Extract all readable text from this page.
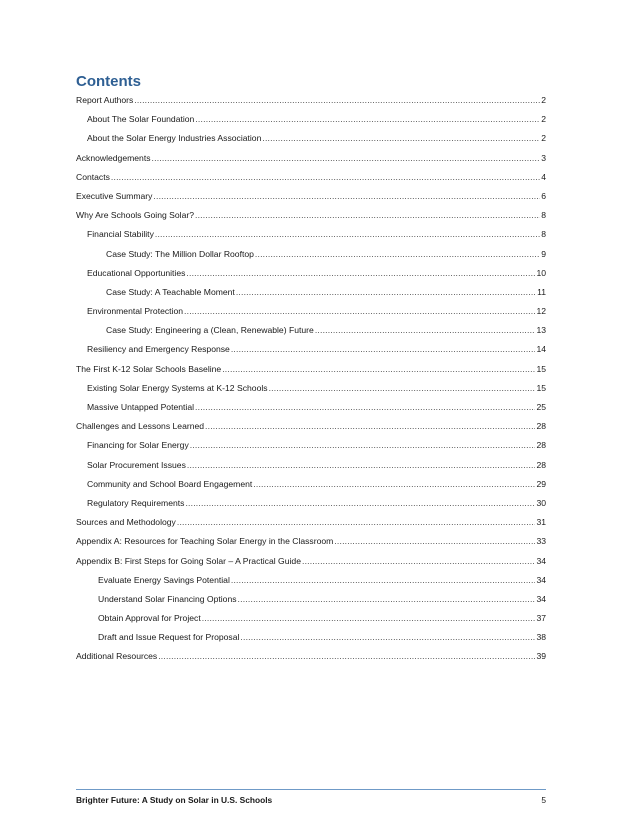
Contents
Report Authors .....	2
About The Solar Foundation .....	2
About the Solar Energy Industries Association .....	2
Acknowledgements .....	3
Contacts .....	4
Executive Summary .....	6
Why Are Schools Going Solar? .....	8
Financial Stability .....	8
Case Study: The Million Dollar Rooftop .....	9
Educational Opportunities .....	10
Case Study: A Teachable Moment .....	11
Environmental Protection .....	12
Case Study: Engineering a (Clean, Renewable) Future .....	13
Resiliency and Emergency Response .....	14
The First K-12 Solar Schools Baseline .....	15
Existing Solar Energy Systems at K-12 Schools .....	15
Massive Untapped Potential .....	25
Challenges and Lessons Learned .....	28
Financing for Solar Energy .....	28
Solar Procurement Issues .....	28
Community and School Board Engagement .....	29
Regulatory Requirements .....	30
Sources and Methodology .....	31
Appendix A: Resources for Teaching Solar Energy in the Classroom .....	33
Appendix B: First Steps for Going Solar – A Practical Guide .....	34
Evaluate Energy Savings Potential .....	34
Understand Solar Financing Options .....	34
Obtain Approval for Project .....	37
Draft and Issue Request for Proposal .....	38
Additional Resources .....	39
Brighter Future: A Study on Solar in U.S. Schools	5
